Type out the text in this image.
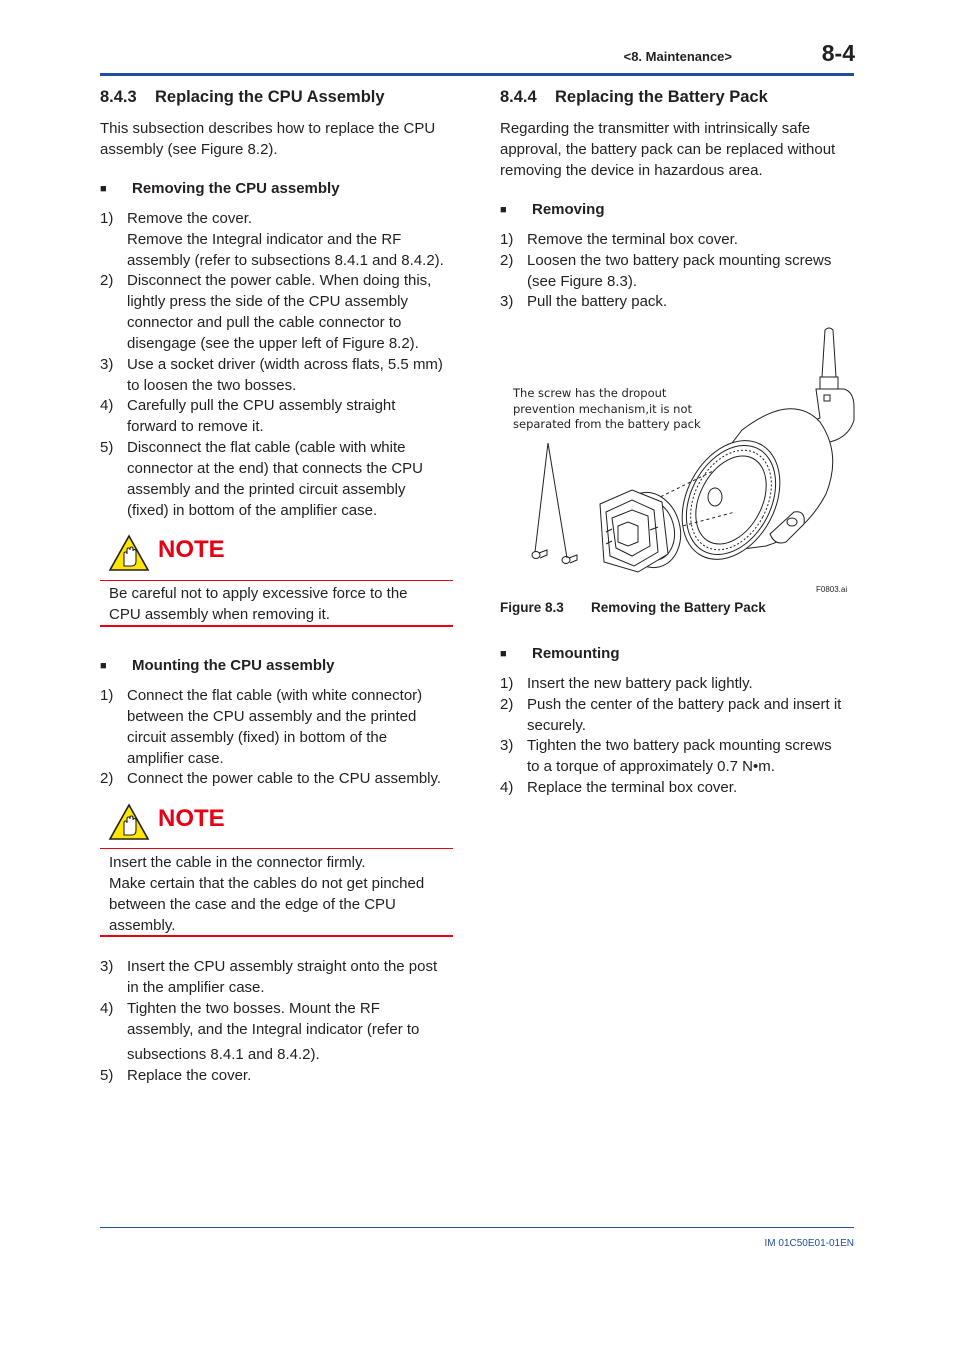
<8. Maintenance>	8-4
8.4.3 Replacing the CPU Assembly
This subsection describes how to replace the CPU
assembly (see Figure 8.2).
■ Removing the CPU assembly
1) Remove the cover.
Remove the Integral indicator and the RF
assembly (refer to subsections 8.4.1 and 8.4.2).
2) Disconnect the power cable. When doing this,
lightly press the side of the CPU assembly
connector and pull the cable connector to
disengage (see the upper left of Figure 8.2).
3) Use a socket driver (width across flats, 5.5 mm)
to loosen the two bosses.
4) Carefully pull the CPU assembly straight
forward to remove it.
5) Disconnect the flat cable (cable with white
connector at the end) that connects the CPU
assembly and the printed circuit assembly
(fixed) in bottom of the amplifier case.
NOTE
Be careful not to apply excessive force to the
CPU assembly when removing it.
■ Mounting the CPU assembly
1) Connect the flat cable (with white connector)
between the CPU assembly and the printed
circuit assembly (fixed) in bottom of the
amplifier case.
2) Connect the power cable to the CPU assembly.
NOTE
Insert the cable in the connector firmly.
Make certain that the cables do not get pinched
between the case and the edge of the CPU
assembly.
3) Insert the CPU assembly straight onto the post
in the amplifier case.
4) Tighten the two bosses. Mount the RF
assembly, and the Integral indicator (refer to
subsections 8.4.1 and 8.4.2).
5) Replace the cover.
8.4.4 Replacing the Battery Pack
Regarding the transmitter with intrinsically safe
approval, the battery pack can be replaced without
removing the device in hazardous area.
■ Removing
1) Remove the terminal box cover.
2) Loosen the two battery pack mounting screws
(see Figure 8.3).
3) Pull the battery pack.
The screw has the dropout
prevention mechanism,it is not
separated from the battery pack
F0803.ai
Figure 8.3 Removing the Battery Pack
■ Remounting
1) Insert the new battery pack lightly.
2) Push the center of the battery pack and insert it
securely.
3) Tighten the two battery pack mounting screws
to a torque of approximately 0.7 N•m.
4) Replace the terminal box cover.
IM 01C50E01-01EN
